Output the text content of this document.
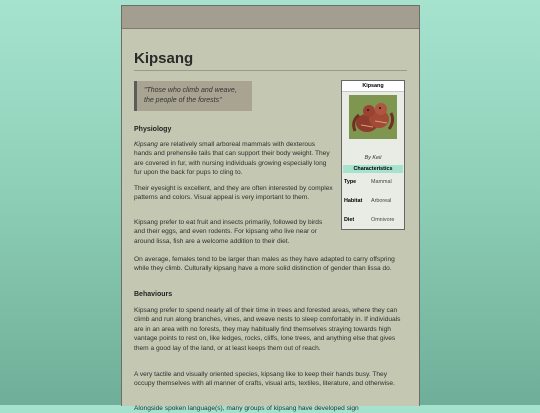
Kipsang
"Those who climb and weave, the people of the forests"
Physiology

Kipsang are relatively small arboreal mammals with dexterous hands and prehensile tails that can support their body weight. They are covered in fur, with nursing individuals growing especially long fur upon the back for pups to cling to.

Their eyesight is excellent, and they are often interested by complex patterns and colors. Visual appeal is very important to them.

Kipsang prefer to eat fruit and insects primarily, followed by birds and their eggs, and even rodents. For kipsang who live near or around lissa, fish are a welcome addition to their diet.

On average, females tend to be larger than males as they have adapted to carry offspring while they climb. Culturally kipsang have a more solid distinction of gender than lissa do.

Behaviours

Kipsang prefer to spend nearly all of their time in trees and forested areas, where they can climb and run along branches, vines, and weave nests to sleep comfortably in. If individuals are in an area with no forests, they may habitually find themselves straying towards high vantage points to rest on, like ledges, rocks, cliffs, lone trees, and anything else that gives them a good lay of the land, or at least keeps them out of reach.

A very tactile and visually oriented species, kipsang like to keep their hands busy. They occupy themselves with all manner of crafts, visual arts, textiles, literature, and otherwise.

Alongside spoken language(s), many groups of kipsang have developed sign

Kipsang
By Keii
Characteristics
Type	Mammal
Habitat	Arboreal
Diet	Omnivore
